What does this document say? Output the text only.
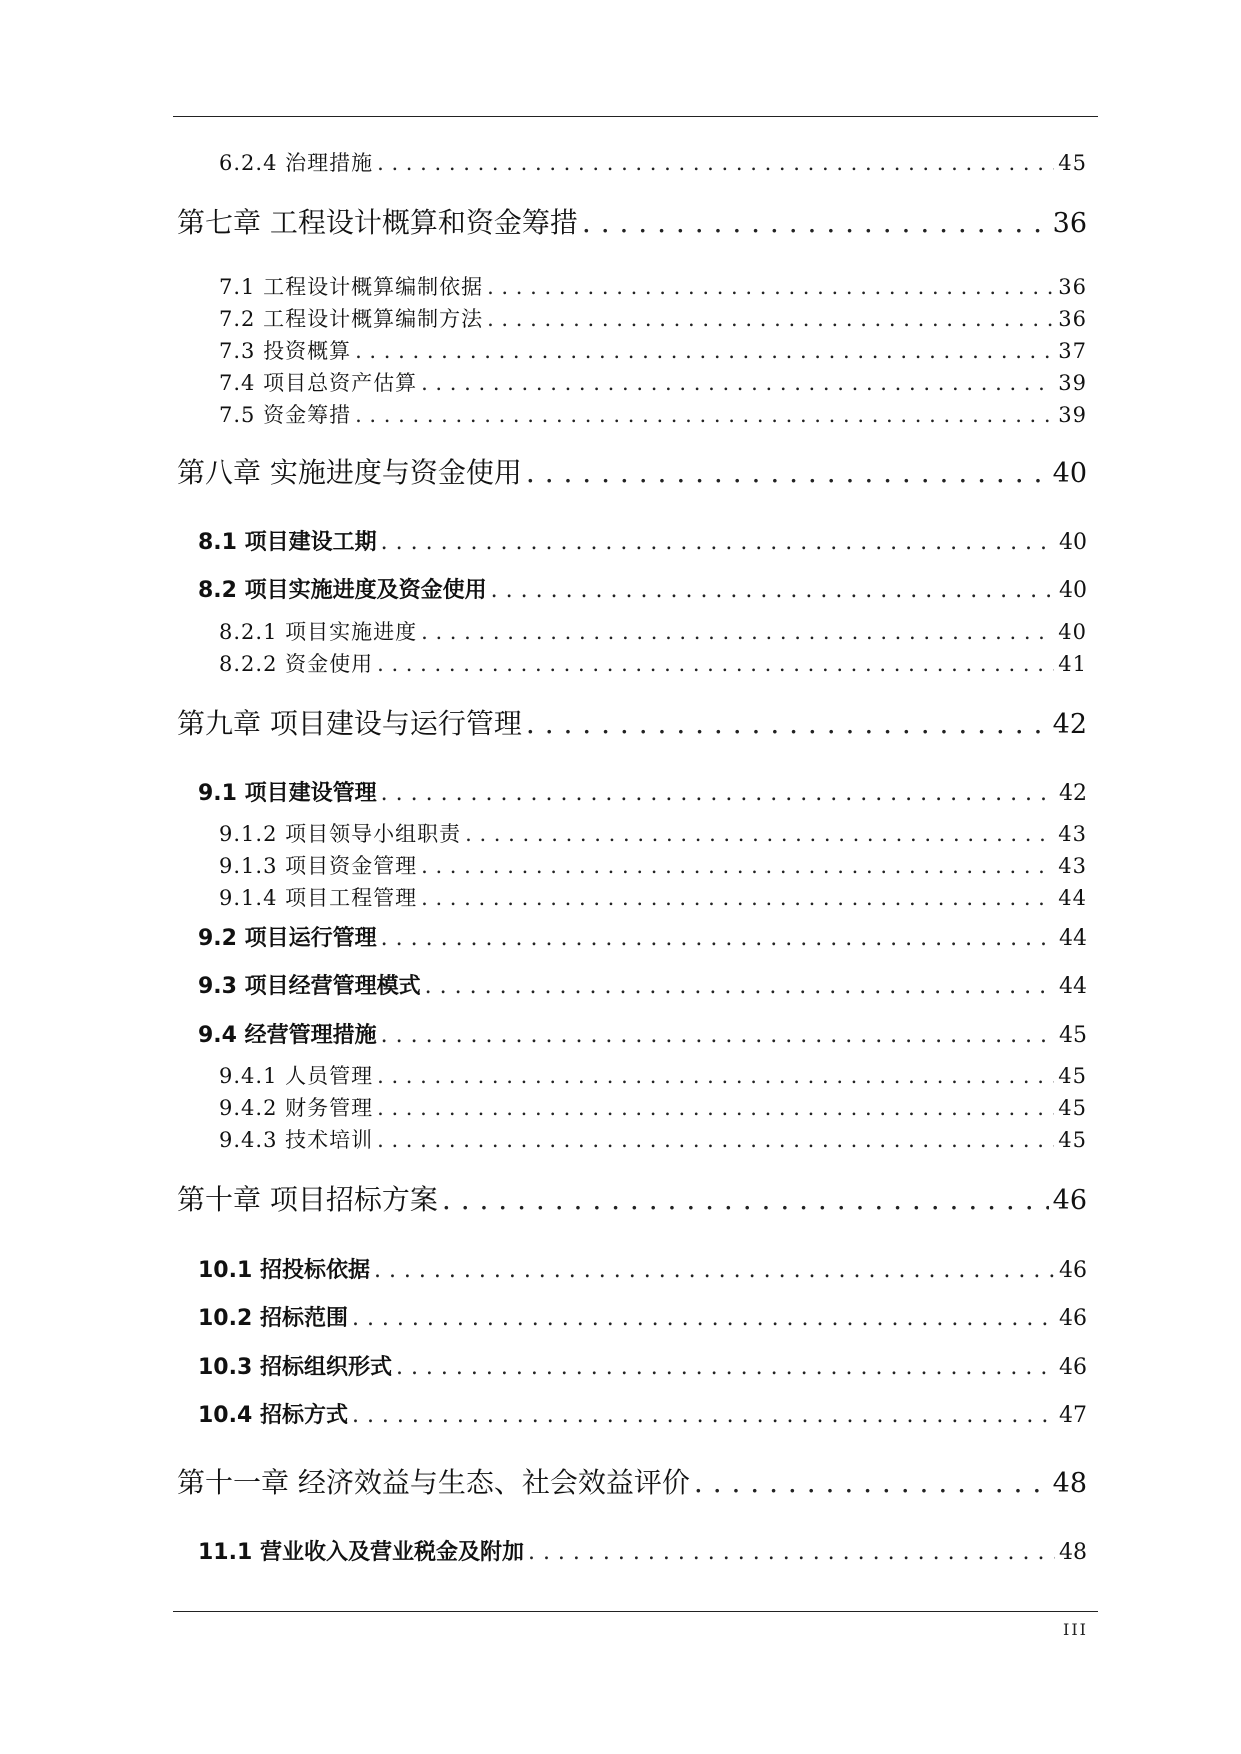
6.2.4 治理措施 . . .	45
第七章 工程设计概算和资金筹措 . . .	36
7.1 工程设计概算编制依据 . . .	36
7.2 工程设计概算编制方法 . . .	36
7.3 投资概算 . . .	37
7.4 项目总资产估算 . . .	39
7.5 资金筹措 . . .	39
第八章 实施进度与资金使用 . . .	40
8.1 项目建设工期 . . .	40
8.2 项目实施进度及资金使用 . . .	40
8.2.1 项目实施进度 . . .	40
8.2.2 资金使用 . . .	41
第九章 项目建设与运行管理 . . .	42
9.1 项目建设管理 . . .	42
9.1.2 项目领导小组职责 . . .	43
9.1.3 项目资金管理 . . .	43
9.1.4 项目工程管理 . . .	44
9.2 项目运行管理 . . .	44
9.3 项目经营管理模式 . . .	44
9.4 经营管理措施 . . .	45
9.4.1 人员管理 . . .	45
9.4.2 财务管理 . . .	45
9.4.3 技术培训 . . .	45
第十章 项目招标方案 . . .	46
10.1 招投标依据 . . .	46
10.2 招标范围 . . .	46
10.3 招标组织形式 . . .	46
10.4 招标方式 . . .	47
第十一章 经济效益与生态、社会效益评价 . . .	48
11.1 营业收入及营业税金及附加 . . .	48
III
